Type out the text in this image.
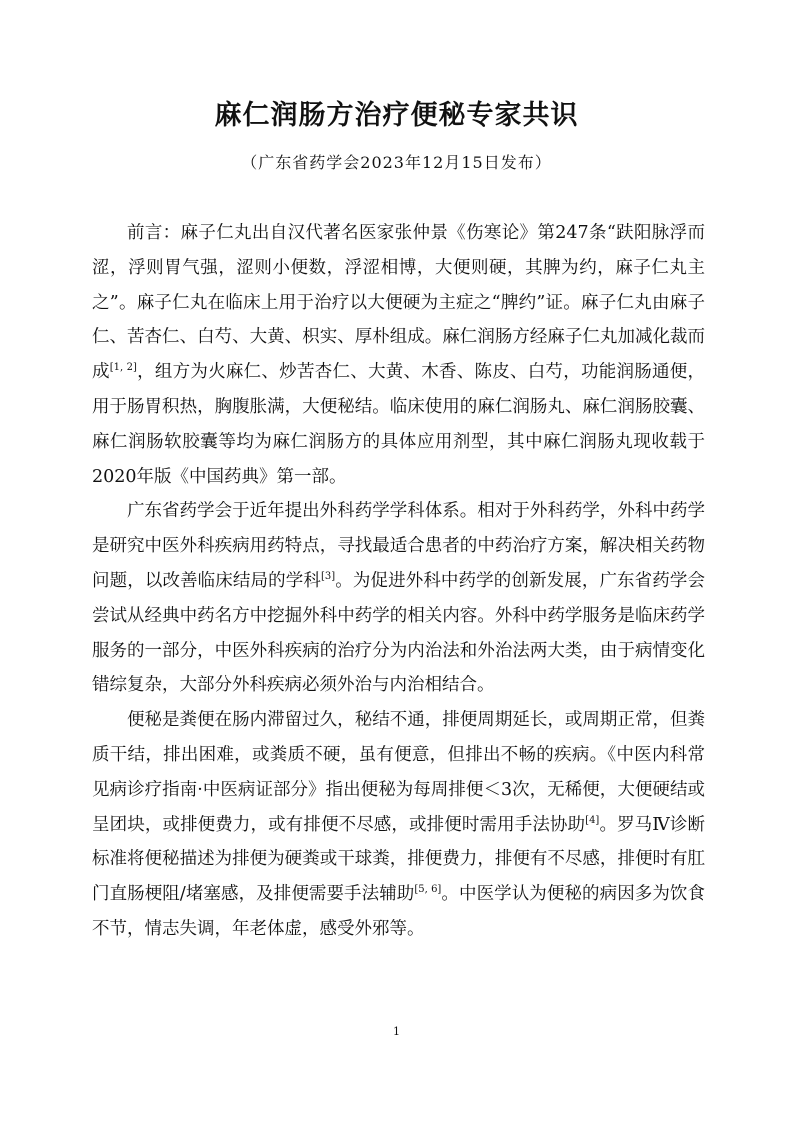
麻仁润肠方治疗便秘专家共识
（广东省药学会2023年12月15日发布）

前言：麻子仁丸出自汉代著名医家张仲景《伤寒论》第247条“趺阳脉浮而涩，浮则胃气强，涩则小便数，浮涩相博，大便则硬，其脾为约，麻子仁丸主之”。麻子仁丸在临床上用于治疗以大便硬为主症之“脾约”证。麻子仁丸由麻子仁、苦杏仁、白芍、大黄、枳实、厚朴组成。麻仁润肠方经麻子仁丸加减化裁而成[1, 2]，组方为火麻仁、炒苦杏仁、大黄、木香、陈皮、白芍，功能润肠通便，用于肠胃积热，胸腹胀满，大便秘结。临床使用的麻仁润肠丸、麻仁润肠胶囊、麻仁润肠软胶囊等均为麻仁润肠方的具体应用剂型，其中麻仁润肠丸现收载于2020年版《中国药典》第一部。

广东省药学会于近年提出外科药学学科体系。相对于外科药学，外科中药学是研究中医外科疾病用药特点，寻找最适合患者的中药治疗方案，解决相关药物问题，以改善临床结局的学科[3]。为促进外科中药学的创新发展，广东省药学会尝试从经典中药名方中挖掘外科中药学的相关内容。外科中药学服务是临床药学服务的一部分，中医外科疾病的治疗分为内治法和外治法两大类，由于病情变化错综复杂，大部分外科疾病必须外治与内治相结合。

便秘是粪便在肠内滞留过久，秘结不通，排便周期延长，或周期正常，但粪质干结，排出困难，或粪质不硬，虽有便意，但排出不畅的疾病。《中医内科常见病诊疗指南·中医病证部分》指出便秘为每周排便＜3次，无稀便，大便硬结或呈团块，或排便费力，或有排便不尽感，或排便时需用手法协助[4]。罗马Ⅳ诊断标准将便秘描述为排便为硬粪或干球粪，排便费力，排便有不尽感，排便时有肛门直肠梗阻/堵塞感，及排便需要手法辅助[5, 6]。中医学认为便秘的病因多为饮食不节，情志失调，年老体虚，感受外邪等。

1
